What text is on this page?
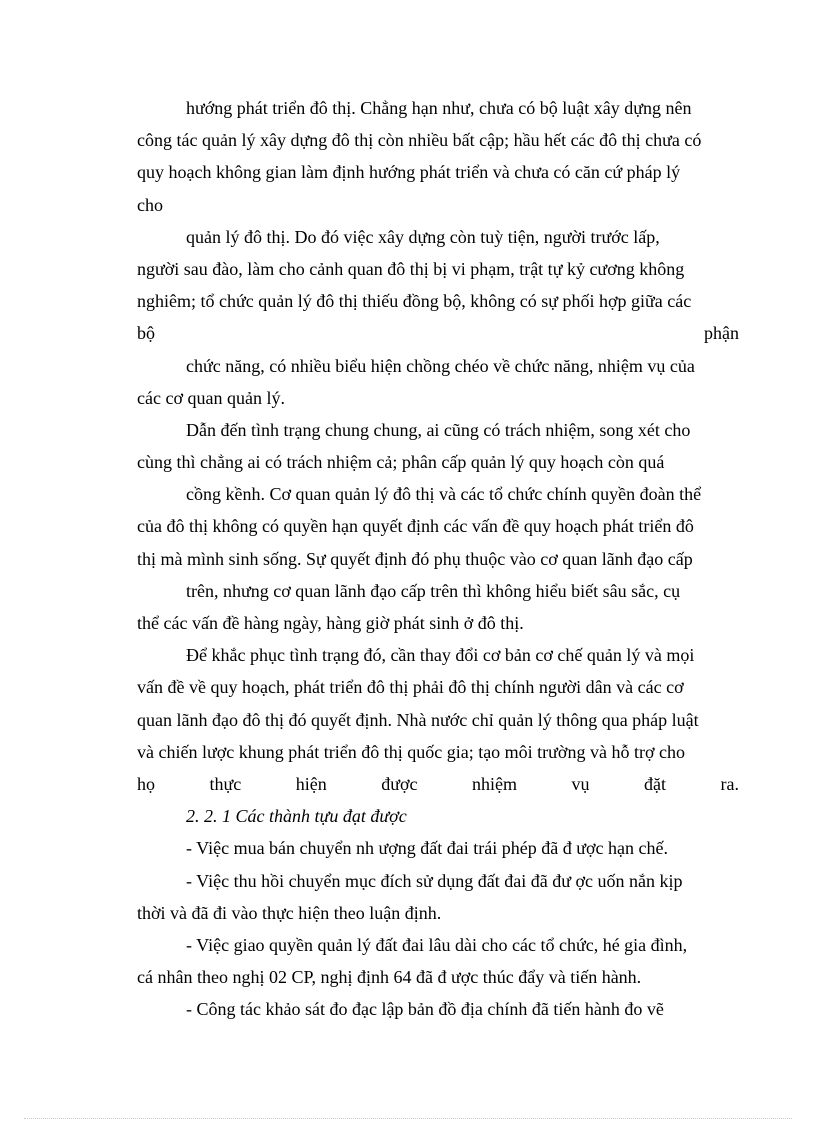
hướng phát triển đô thị. Chẳng hạn như, chưa có bộ luật xây dựng nên
công tác quản lý xây dựng đô thị còn nhiều bất cập; hầu hết các đô thị chưa có
quy hoạch không gian làm định hướng phát triển và chưa có căn cứ pháp lý
cho
quản lý đô thị. Do đó việc xây dựng còn tuỳ tiện, người trước lấp,
người sau đào, làm cho cảnh quan đô thị bị vi phạm, trật tự kỷ cương không
nghiêm; tổ chức quản lý đô thị thiếu đồng bộ, không có sự phối hợp giữa các
bộ	phận
chức năng, có nhiều biểu hiện chồng chéo về chức năng, nhiệm vụ của
các cơ quan quản lý.
Dẫn đến tình trạng chung chung, ai cũng có trách nhiệm, song xét cho
cùng thì chẳng ai có trách nhiệm cả; phân cấp quản lý quy hoạch còn quá
cồng kềnh. Cơ quan quản lý đô thị và các tổ chức chính quyền đoàn thể
của đô thị không có quyền hạn quyết định các vấn đề quy hoạch phát triển đô
thị mà mình sinh sống. Sự quyết định đó phụ thuộc vào cơ quan lãnh đạo cấp
trên, nhưng cơ quan lãnh đạo cấp trên thì không hiểu biết sâu sắc, cụ
thể các vấn đề hàng ngày, hàng giờ phát sinh ở đô thị.
Để khắc phục tình trạng đó, cần thay đổi cơ bản cơ chế quản lý và mọi
vấn đề về quy hoạch, phát triển đô thị phải đô thị chính người dân và các cơ
quan lãnh đạo đô thị đó quyết định. Nhà nước chỉ quản lý thông qua pháp luật
và chiến lược khung phát triển đô thị quốc gia; tạo môi trường và hỗ trợ cho
họ	thực	hiện	được	nhiệm	vụ	đặt	ra.
2. 2. 1 Các thành tựu đạt được
- Việc mua bán chuyển nh ượng đất đai trái phép đã đ ược hạn chế.
- Việc thu hồi chuyển mục đích sử dụng đất đai đã đư ợc uốn nắn kịp
thời và đã đi vào thực hiện theo luận định.
- Việc giao quyền quản lý đất đai lâu dài cho các tổ chức, hé gia đình,
cá nhân theo nghị 02 CP, nghị định 64 đã đ ược thúc đẩy và tiến hành.
- Công tác khảo sát đo đạc lập bản đồ địa chính đã tiến hành đo vẽ
